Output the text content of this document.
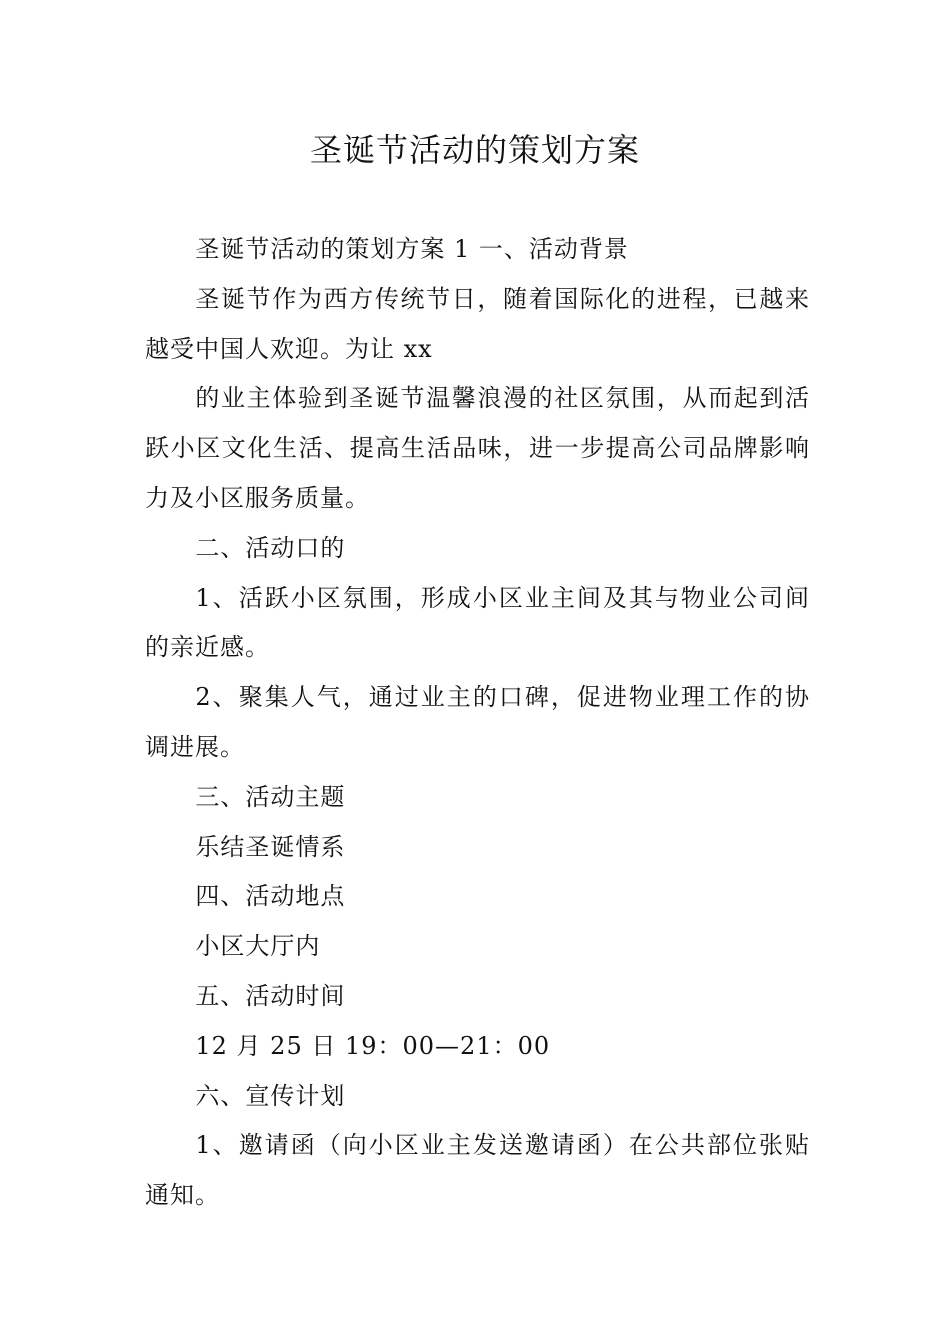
圣诞节活动的策划方案

圣诞节活动的策划方案 1 一、活动背景

圣诞节作为西方传统节日，随着国际化的进程，已越来越受中国人欢迎。为让 xx

的业主体验到圣诞节温馨浪漫的社区氛围，从而起到活跃小区文化生活、提高生活品味，进一步提高公司品牌影响力及小区服务质量。

二、活动口的

1、活跃小区氛围，形成小区业主间及其与物业公司间的亲近感。

2、聚集人气，通过业主的口碑，促进物业理工作的协调进展。

三、活动主题

乐结圣诞情系

四、活动地点

小区大厅内

五、活动时间

12 月 25 日 19：00—21：00

六、宣传计划

1、邀请函（向小区业主发送邀请函）在公共部位张贴通知。
